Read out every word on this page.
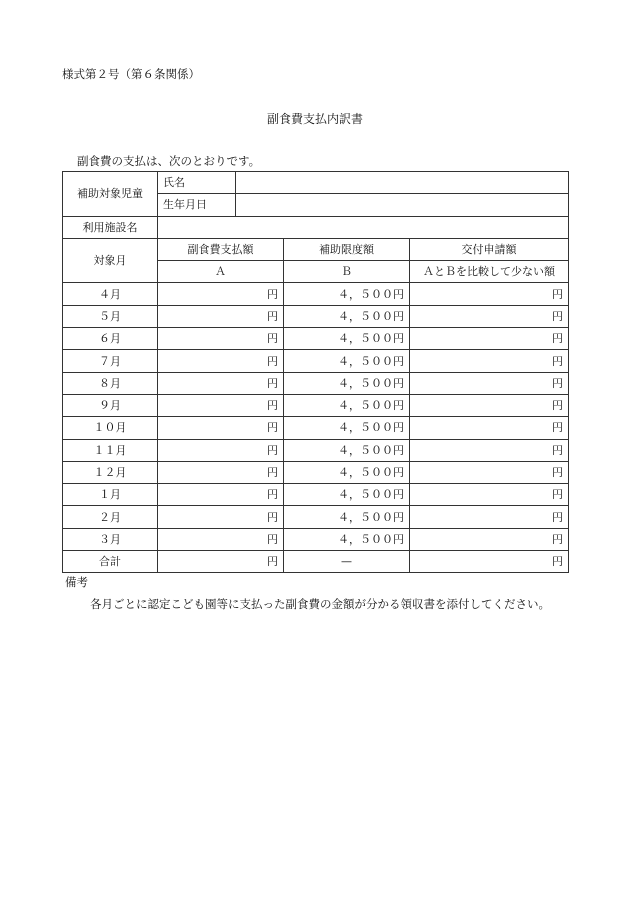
様式第２号（第６条関係）
副食費支払内訳書
副食費の支払は、次のとおりです。
補助対象児童	氏名			
	生年月日			
利用施設名				
対象月	副食費支払額		補助限度額	交付申請額
	Ａ		Ｂ	ＡとＢを比較して少ない額
４月	円		４，５００円	円
５月	円		４，５００円	円
６月	円		４，５００円	円
７月	円		４，５００円	円
８月	円		４，５００円	円
９月	円		４，５００円	円
１０月	円		４，５００円	円
１１月	円		４，５００円	円
１２月	円		４，５００円	円
１月	円		４，５００円	円
２月	円		４，５００円	円
３月	円		４，５００円	円
合計	円		—	円
備考
各月ごとに認定こども園等に支払った副食費の金額が分かる領収書を添付してください。
